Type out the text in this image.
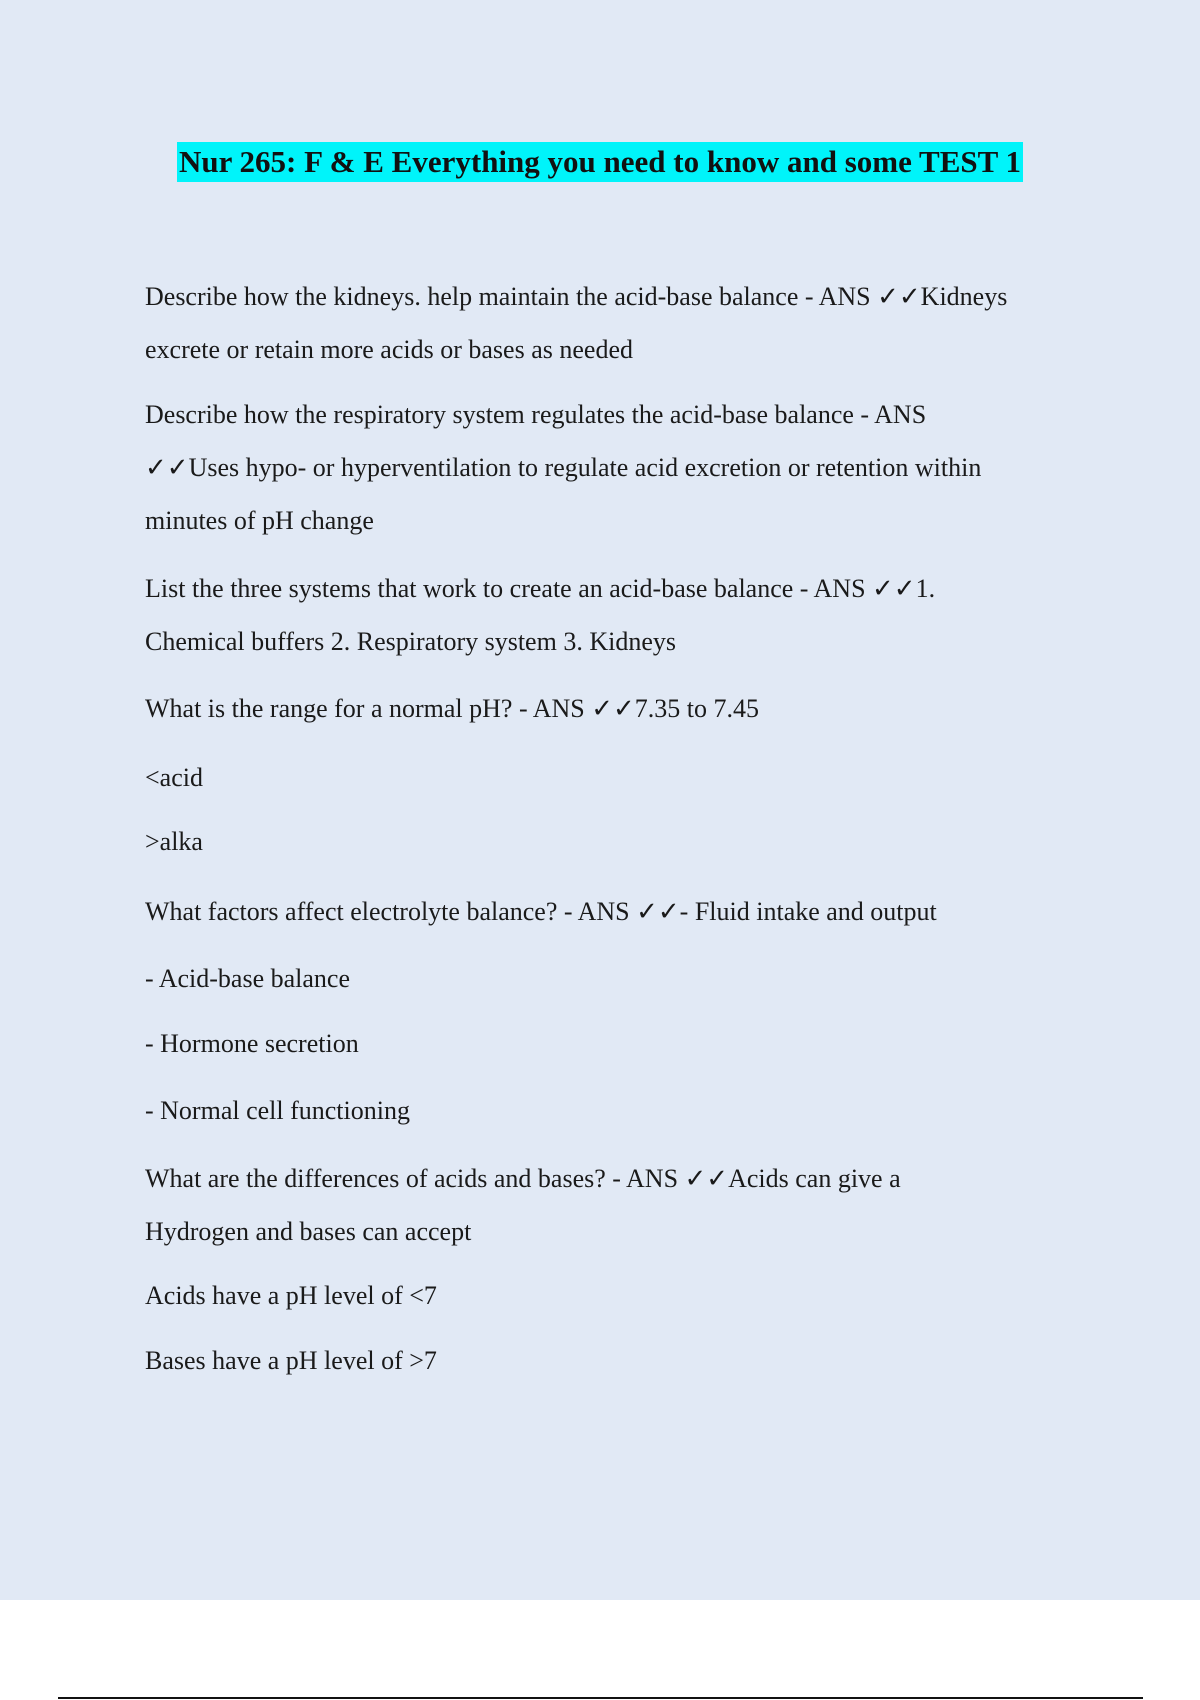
Nur 265: F & E Everything you need to know and some TEST 1

Describe how the kidneys. help maintain the acid-base balance - ANS ✓✓Kidneys

excrete or retain more acids or bases as needed

Describe how the respiratory system regulates the acid-base balance - ANS

✓✓Uses hypo- or hyperventilation to regulate acid excretion or retention within

minutes of pH change

List the three systems that work to create an acid-base balance - ANS ✓✓1.

Chemical buffers 2. Respiratory system 3. Kidneys

What is the range for a normal pH? - ANS ✓✓7.35 to 7.45

<acid

>alka

What factors affect electrolyte balance? - ANS ✓✓- Fluid intake and output

- Acid-base balance

- Hormone secretion

- Normal cell functioning

What are the differences of acids and bases? - ANS ✓✓Acids can give a

Hydrogen and bases can accept

Acids have a pH level of <7

Bases have a pH level of >7
